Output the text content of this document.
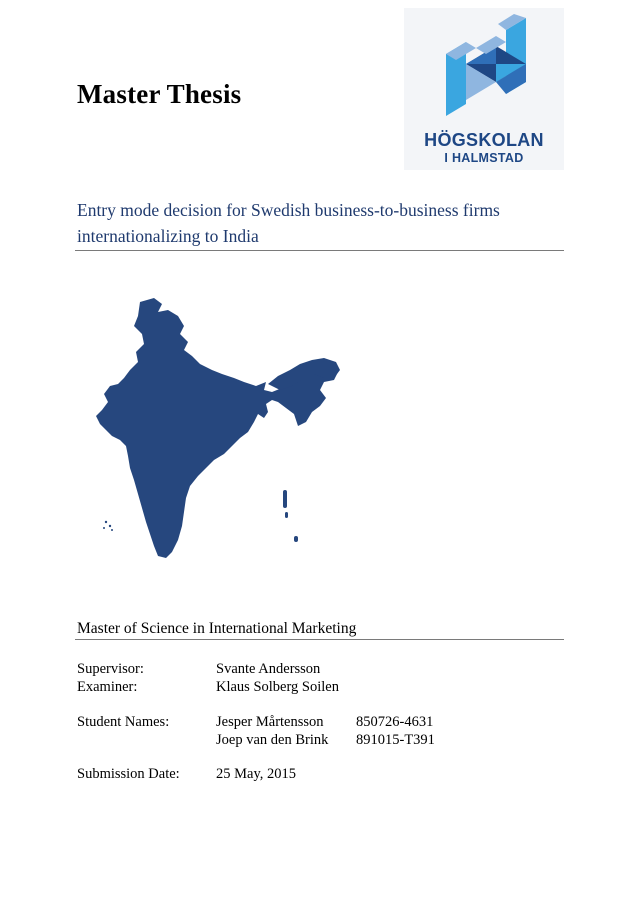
Master Thesis
HÖGSKOLAN
I HALMSTAD
Entry mode decision for Swedish business-to-business firms
internationalizing to India
Master of Science in International Marketing
Supervisor:	Svante Andersson
Examiner:	Klaus Solberg Soilen
Student Names:	Jesper Mårtensson 850726-4631
Joep van den Brink 891015-T391
Submission Date:	25 May, 2015
